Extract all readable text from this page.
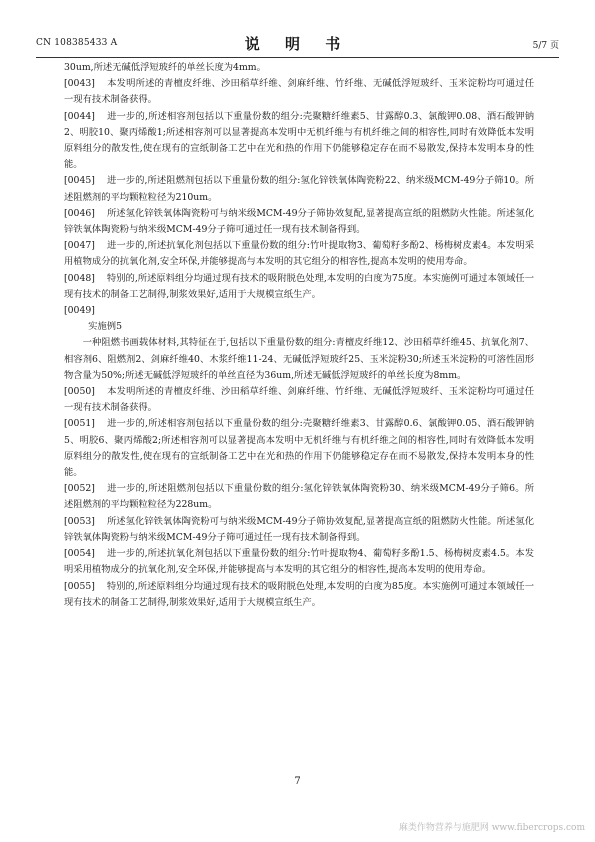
CN 108385433 A	说 明 书	5/7 页

30um,所述无碱低浮短玻纤的单丝长度为4mm。

[0043] 本发明所述的青檀皮纤维、沙田稻草纤维、剑麻纤维、竹纤维、无碱低浮短玻纤、玉米淀粉均可通过任一现有技术制备获得。

[0044] 进一步的,所述相容剂包括以下重量份数的组分:壳聚糖纤维素5、甘露醇0.3、氯酸钾0.08、酒石酸钾钠2、明胶10、聚丙烯酸1;所述相容剂可以显著提高本发明中无机纤维与有机纤维之间的相容性,同时有效降低本发明原料组分的散发性,使在现有的宣纸制备工艺中在光和热的作用下仍能够稳定存在而不易散发,保持本发明本身的性能。

[0045] 进一步的,所述阻燃剂包括以下重量份数的组分:氢化锌铁氧体陶瓷粉22、纳米级MCM-49分子筛10。所述阻燃剂的平均颗粒粒径为210um。

[0046] 所述氢化锌铁氧体陶瓷粉可与纳米级MCM-49分子筛协效复配,显著提高宣纸的阻燃防火性能。所述氢化锌铁氧体陶瓷粉与纳米级MCM-49分子筛可通过任一现有技术制备得到。

[0047] 进一步的,所述抗氧化剂包括以下重量份数的组分:竹叶提取物3、葡萄籽多酚2、杨梅树皮素4。本发明采用植物成分的抗氧化剂,安全环保,并能够提高与本发明的其它组分的相容性,提高本发明的使用寿命。

[0048] 特别的,所述原料组分均通过现有技术的吸附脱色处理,本发明的白度为75度。本实施例可通过本领域任一现有技术的制备工艺制得,制浆效果好,适用于大规模宣纸生产。

[0049]

实施例5

一种阻燃书画载体材料,其特征在于,包括以下重量份数的组分:青檀皮纤维12、沙田稻草纤维45、抗氧化剂7、相容剂6、阻燃剂2、剑麻纤维40、木浆纤维11-24、无碱低浮短玻纤25、玉米淀粉30;所述玉米淀粉的可溶性固形物含量为50%;所述无碱低浮短玻纤的单丝直径为36um,所述无碱低浮短玻纤的单丝长度为8mm。

[0050] 本发明所述的青檀皮纤维、沙田稻草纤维、剑麻纤维、竹纤维、无碱低浮短玻纤、玉米淀粉均可通过任一现有技术制备获得。

[0051] 进一步的,所述相容剂包括以下重量份数的组分:壳聚糖纤维素3、甘露醇0.6、氯酸钾0.05、酒石酸钾钠5、明胶6、聚丙烯酸2;所述相容剂可以显著提高本发明中无机纤维与有机纤维之间的相容性,同时有效降低本发明原料组分的散发性,使在现有的宣纸制备工艺中在光和热的作用下仍能够稳定存在而不易散发,保持本发明本身的性能。

[0052] 进一步的,所述阻燃剂包括以下重量份数的组分:氢化锌铁氧体陶瓷粉30、纳米级MCM-49分子筛6。所述阻燃剂的平均颗粒粒径为228um。

[0053] 所述氢化锌铁氧体陶瓷粉可与纳米级MCM-49分子筛协效复配,显著提高宣纸的阻燃防火性能。所述氢化锌铁氧体陶瓷粉与纳米级MCM-49分子筛可通过任一现有技术制备得到。

[0054] 进一步的,所述抗氧化剂包括以下重量份数的组分:竹叶提取物4、葡萄籽多酚1.5、杨梅树皮素4.5。本发明采用植物成分的抗氧化剂,安全环保,并能够提高与本发明的其它组分的相容性,提高本发明的使用寿命。

[0055] 特别的,所述原料组分均通过现有技术的吸附脱色处理,本发明的白度为85度。本实施例可通过本领域任一现有技术的制备工艺制得,制浆效果好,适用于大规模宣纸生产。

7
麻类作物营养与施肥网 www.fibercrops.com
